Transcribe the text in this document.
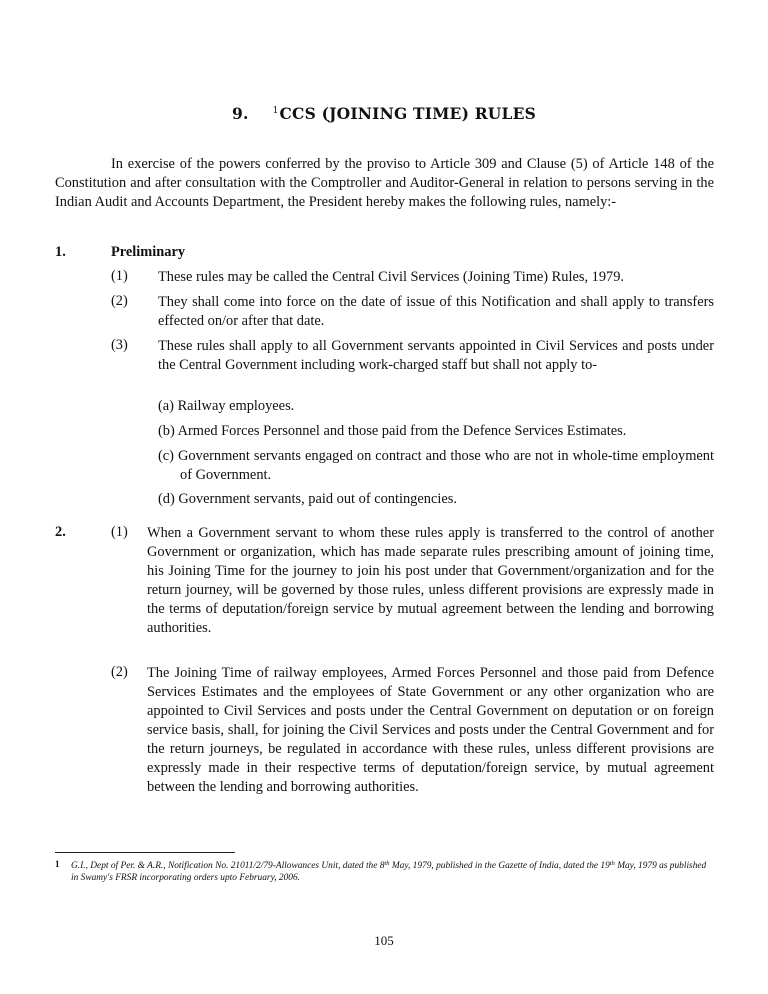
9.	$^1$CCS (JOINING TIME) RULES
In exercise of the powers conferred by the proviso to Article 309 and Clause (5) of Article 148 of the Constitution and after consultation with the Comptroller and Auditor-General in relation to persons serving in the Indian Audit and Accounts Department, the President hereby makes the following rules, namely:-
1.	Preliminary
(1) These rules may be called the Central Civil Services (Joining Time) Rules, 1979.
(2) They shall come into force on the date of issue of this Notification and shall apply to transfers effected on/or after that date.
(3) These rules shall apply to all Government servants appointed in Civil Services and posts under the Central Government including work-charged staff but shall not apply to-
(a) Railway employees.
(b) Armed Forces Personnel and those paid from the Defence Services Estimates.
(c) Government servants engaged on contract and those who are not in whole-time employment of Government.
(d) Government servants, paid out of contingencies.
2.	(1) When a Government servant to whom these rules apply is transferred to the control of another Government or organization, which has made separate rules prescribing amount of joining time, his Joining Time for the journey to join his post under that Government/organization and for the return journey, will be governed by those rules, unless different provisions are expressly made in the terms of deputation/foreign service by mutual agreement between the lending and borrowing authorities.
(2) The Joining Time of railway employees, Armed Forces Personnel and those paid from Defence Services Estimates and the employees of State Government or any other organization who are appointed to Civil Services and posts under the Central Government on deputation or on foreign service basis, shall, for joining the Civil Services and posts under the Central Government and for the return journeys, be regulated in accordance with these rules, unless different provisions are expressly made in their respective terms of deputation/foreign service, by mutual agreement between the lending and borrowing authorities.
1 G.I., Dept of Per. & A.R., Notification No. 21011/2/79-Allowances Unit, dated the 8th May, 1979, published in the Gazette of India, dated the 19th May, 1979 as published in Swamy's FRSR incorporating orders upto February, 2006.
105
